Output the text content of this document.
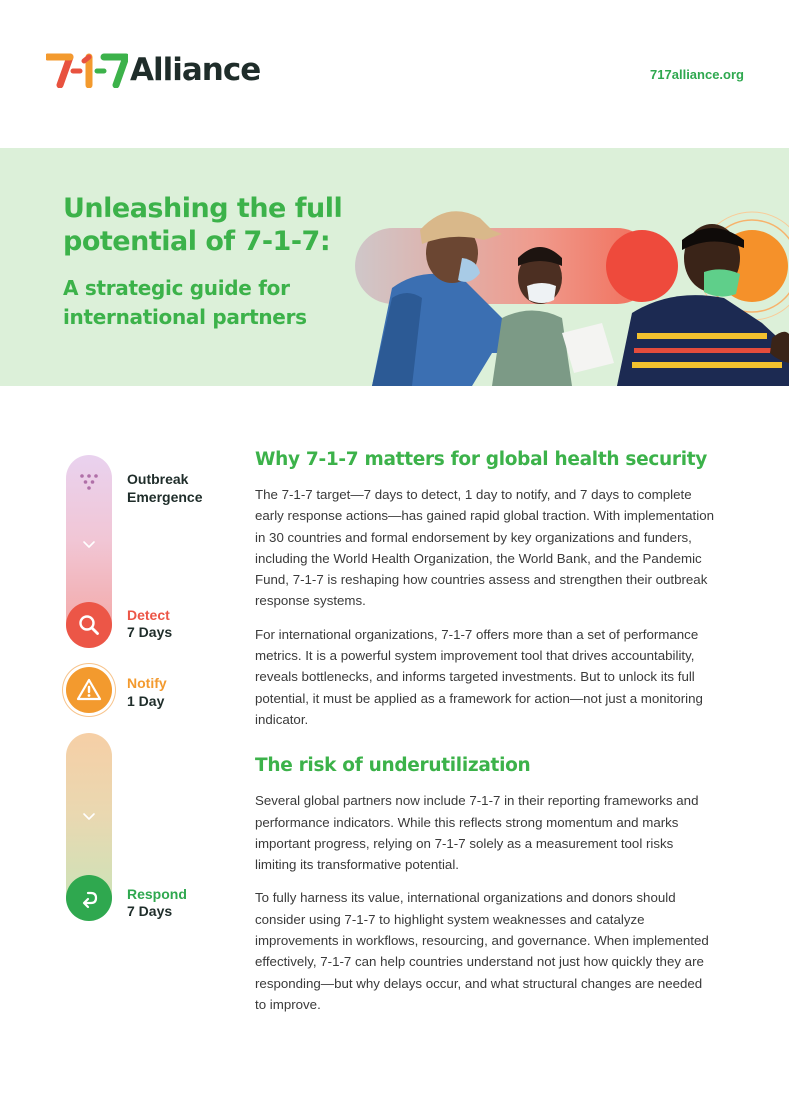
Alliance	717alliance.org
Unleashing the full potential of 7-1-7:
A strategic guide for international partners
Outbreak Emergence
Detect
7 Days
Notify
1 Day
Respond
7 Days
Why 7-1-7 matters for global health security

The 7-1-7 target—7 days to detect, 1 day to notify, and 7 days to complete early response actions—has gained rapid global traction. With implementation in 30 countries and formal endorsement by key organizations and funders, including the World Health Organization, the World Bank, and the Pandemic Fund, 7-1-7 is reshaping how countries assess and strengthen their outbreak response systems.

For international organizations, 7-1-7 offers more than a set of performance metrics. It is a powerful system improvement tool that drives accountability, reveals bottlenecks, and informs targeted investments. But to unlock its full potential, it must be applied as a framework for action—not just a monitoring indicator.

The risk of underutilization

Several global partners now include 7-1-7 in their reporting frameworks and performance indicators. While this reflects strong momentum and marks important progress, relying on 7-1-7 solely as a measurement tool risks limiting its transformative potential.

To fully harness its value, international organizations and donors should consider using 7-1-7 to highlight system weaknesses and catalyze improvements in workflows, resourcing, and governance. When implemented effectively, 7-1-7 can help countries understand not just how quickly they are responding—but why delays occur, and what structural changes are needed to improve.
